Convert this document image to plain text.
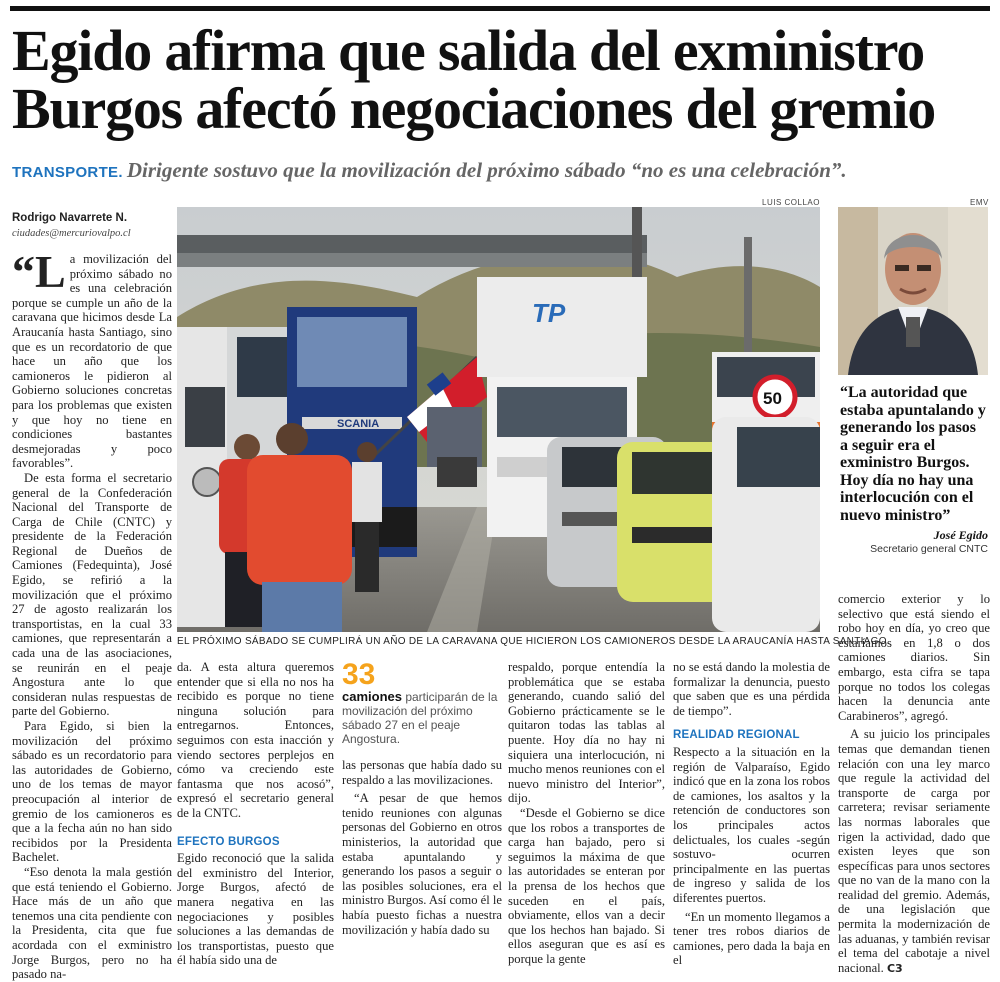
Egido afirma que salida del exministro
Burgos afectó negociaciones del gremio
TRANSPORTE. Dirigente sostuvo que la movilización del próximo sábado “no es una celebración”.
Rodrigo Navarrete N.
ciudades@mercuriovalpo.cl

“La movilización del próximo sábado no es una celebración porque se cumple un año de la caravana que hicimos desde La Araucanía hasta Santiago, sino que es un recordatorio de que hace un año que los camioneros le pidieron al Gobierno soluciones concretas para los problemas que existen y que hoy no tiene en condiciones bastantes desmejoradas y poco favorables”.

De esta forma el secretario general de la Confederación Nacional del Transporte de Carga de Chile (CNTC) y presidente de la Federación Regional de Dueños de Camiones (Fedequinta), José Egido, se refirió a la movilización que el próximo 27 de agosto realizarán los transportistas, en la cual 33 camiones, que representarán a cada una de las asociaciones, se reunirán en el peaje Angostura ante lo que consideran nulas respuestas de parte del Gobierno.

Para Egido, si bien la movilización del próximo sábado es un recordatorio para las autoridades de Gobierno, uno de los temas de mayor preocupación al interior de gremio de los camioneros es que a la fecha aún no han sido recibidos por la Presidenta Bachelet.

“Eso denota la mala gestión que está teniendo el Gobierno. Hace más de un año que tenemos una cita pendiente con la Presidenta, cita que fue acordada con el exministro Jorge Burgos, pero no ha pasado na-

LUIS COLLAO
SCANIA
TP
50
EL PRÓXIMO SÁBADO SE CUMPLIRÁ UN AÑO DE LA CARAVANA QUE HICIERON LOS CAMIONEROS DESDE LA ARAUCANÍA HASTA SANTIAGO.
EMV
“La autoridad que estaba apuntalando y generando los pasos a seguir era el exministro Burgos. Hoy día no hay una interlocución con el nuevo ministro”
José Egido
Secretario general CNTC

da. A esta altura queremos entender que si ella no nos ha recibido es porque no tiene ninguna solución para entregarnos. Entonces, seguimos con esta inacción y viendo sectores perplejos en cómo va creciendo este fantasma que nos acosó”, expresó el secretario general de la CNTC.

EFECTO BURGOS

Egido reconoció que la salida del exministro del Interior, Jorge Burgos, afectó de manera negativa en las negociaciones y posibles soluciones a las demandas de los transportistas, puesto que él había sido una de

33
camiones participarán de la movilización del próximo sábado 27 en el peaje Angostura.

las personas que había dado su respaldo a las movilizaciones.

“A pesar de que hemos tenido reuniones con algunas personas del Gobierno en otros ministerios, la autoridad que estaba apuntalando y generando los pasos a seguir o las posibles soluciones, era el ministro Burgos. Así como él le había puesto fichas a nuestra movilización y había dado su

respaldo, porque entendía la problemática que se estaba generando, cuando salió del Gobierno prácticamente se le quitaron todas las tablas al puente. Hoy día no hay ni siquiera una interlocución, ni mucho menos reuniones con el nuevo ministro del Interior”, dijo.

“Desde el Gobierno se dice que los robos a transportes de carga han bajado, pero si seguimos la máxima de que las autoridades se enteran por la prensa de los hechos que suceden en el país, obviamente, ellos van a decir que los hechos han bajado. Si ellos aseguran que es así es porque la gente

no se está dando la molestia de formalizar la denuncia, puesto que saben que es una pérdida de tiempo”.

REALIDAD REGIONAL

Respecto a la situación en la región de Valparaíso, Egido indicó que en la zona los robos de camiones, los asaltos y la retención de conductores son los principales actos delictuales, los cuales -según sostuvo- ocurren principalmente en las puertas de ingreso y salida de los diferentes puertos.

“En un momento llegamos a tener tres robos diarios de camiones, pero dada la baja en el

comercio exterior y lo selectivo que está siendo el robo hoy en día, yo creo que estaríamos en 1,8 o dos camiones diarios. Sin embargo, esta cifra se tapa porque no todos los colegas hacen la denuncia ante Carabineros”, agregó.

A su juicio los principales temas que demandan tienen relación con una ley marco que regule la actividad del transporte de carga por carretera; revisar seriamente las normas laborales que rigen la actividad, dado que existen leyes que son específicas para unos sectores que no van de la mano con la realidad del gremio. Además, de una legislación que permita la modernización de las aduanas, y también revisar el tema del cabotaje a nivel nacional. C3
